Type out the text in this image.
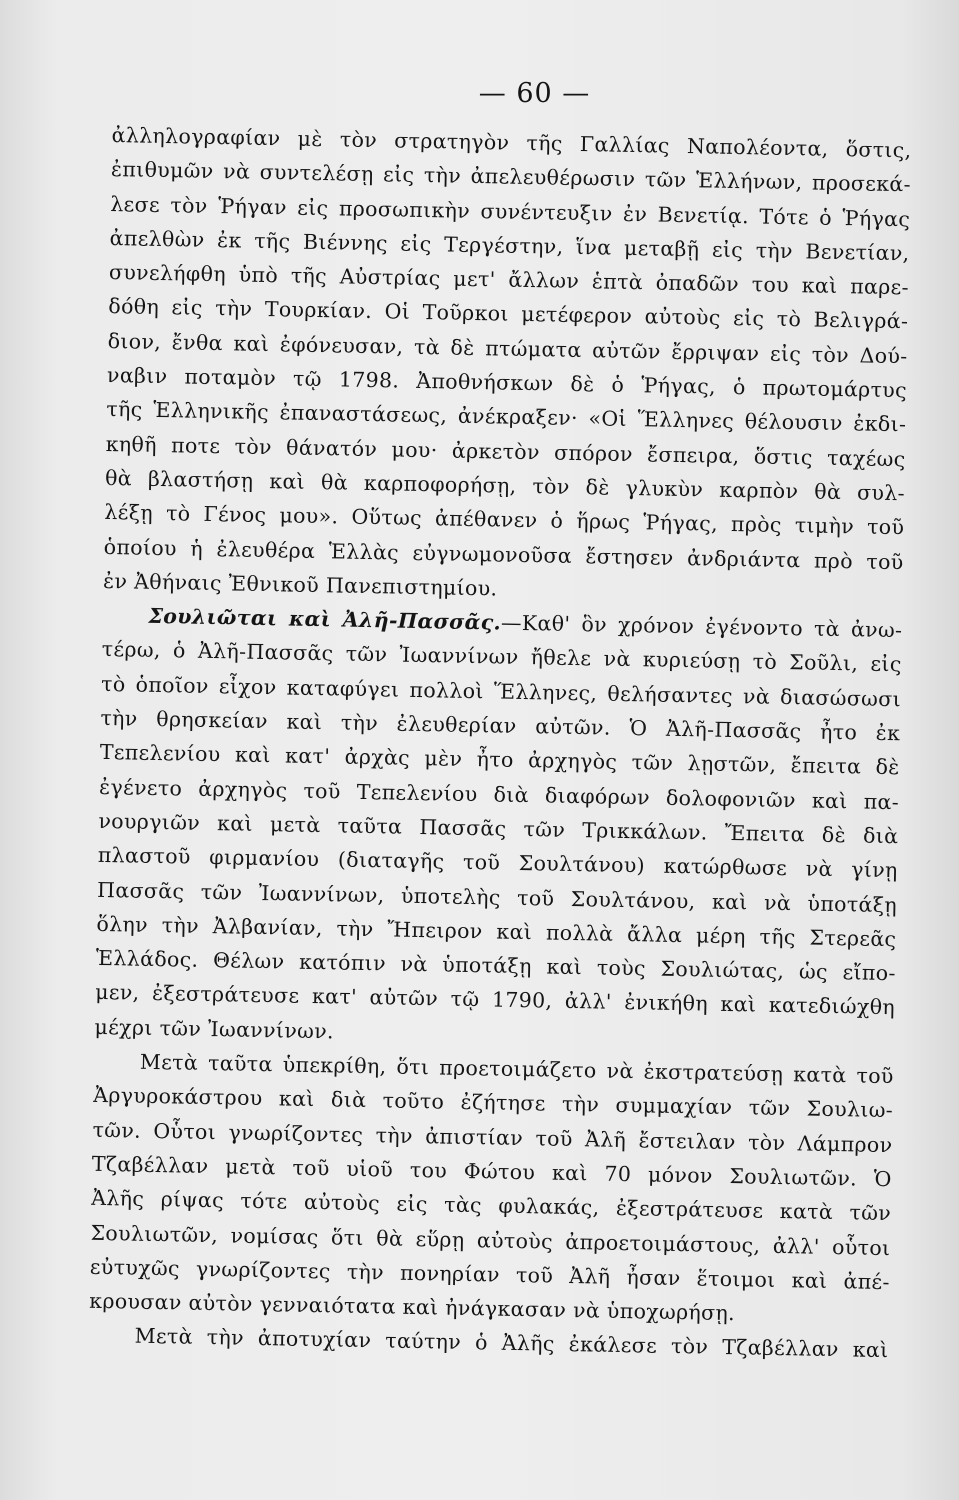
— 60 —
ἀλληλογραφίαν μὲ τὸν στρατηγὸν τῆς Γαλλίας Ναπολέοντα, ὅστις,
ἐπιθυμῶν νὰ συντελέσῃ εἰς τὴν ἀπελευθέρωσιν τῶν Ἑλλήνων, προσεκά-
λεσε τὸν Ῥήγαν εἰς προσωπικὴν συνέντευξιν ἐν Βενετίᾳ. Τότε ὁ Ῥήγας
ἀπελθὼν ἐκ τῆς Βιέννης εἰς Τεργέστην, ἵνα μεταβῇ εἰς τὴν Βενετίαν,
συνελήφθη ὑπὸ τῆς Αὐστρίας μετ' ἄλλων ἑπτὰ ὀπαδῶν του καὶ παρε-
δόθη εἰς τὴν Τουρκίαν. Οἱ Τοῦρκοι μετέφερον αὐτοὺς εἰς τὸ Βελιγρά-
διον, ἔνθα καὶ ἐφόνευσαν, τὰ δὲ πτώματα αὐτῶν ἔρριψαν εἰς τὸν Δού-
ναβιν ποταμὸν τῷ 1798. Ἀποθνήσκων δὲ ὁ Ῥήγας, ὁ πρωτομάρτυς
τῆς Ἑλληνικῆς ἐπαναστάσεως, ἀνέκραξεν· «Οἱ Ἕλληνες θέλουσιν ἐκδι-
κηθῆ ποτε τὸν θάνατόν μου· ἀρκετὸν σπόρον ἔσπειρα, ὅστις ταχέως
θὰ βλαστήσῃ καὶ θὰ καρποφορήσῃ, τὸν δὲ γλυκὺν καρπὸν θὰ συλ-
λέξῃ τὸ Γένος μου». Οὕτως ἀπέθανεν ὁ ἥρως Ῥήγας, πρὸς τιμὴν τοῦ
ὁποίου ἡ ἐλευθέρα Ἑλλὰς εὐγνωμονοῦσα ἔστησεν ἀνδριάντα πρὸ τοῦ
ἐν Ἀθήναις Ἐθνικοῦ Πανεπιστημίου.
Σουλιῶται καὶ Ἀλῆ-Πασσᾶς.—Καθ' ὃν χρόνον ἐγένοντο τὰ ἀνω-
τέρω, ὁ Ἀλῆ-Πασσᾶς τῶν Ἰωαννίνων ἤθελε νὰ κυριεύσῃ τὸ Σοῦλι, εἰς
τὸ ὁποῖον εἶχον καταφύγει πολλοὶ Ἕλληνες, θελήσαντες νὰ διασώσωσι
τὴν θρησκείαν καὶ τὴν ἐλευθερίαν αὐτῶν. Ὁ Ἀλῆ-Πασσᾶς ἦτο ἐκ
Τεπελενίου καὶ κατ' ἀρχὰς μὲν ἦτο ἀρχηγὸς τῶν λῃστῶν, ἔπειτα δὲ
ἐγένετο ἀρχηγὸς τοῦ Τεπελενίου διὰ διαφόρων δολοφονιῶν καὶ πα-
νουργιῶν καὶ μετὰ ταῦτα Πασσᾶς τῶν Τρικκάλων. Ἔπειτα δὲ διὰ
πλαστοῦ φιρμανίου (διαταγῆς τοῦ Σουλτάνου) κατώρθωσε νὰ γίνῃ
Πασσᾶς τῶν Ἰωαννίνων, ὑποτελὴς τοῦ Σουλτάνου, καὶ νὰ ὑποτάξῃ
ὅλην τὴν Ἀλβανίαν, τὴν Ἤπειρον καὶ πολλὰ ἄλλα μέρη τῆς Στερεᾶς
Ἑλλάδος. Θέλων κατόπιν νὰ ὑποτάξῃ καὶ τοὺς Σουλιώτας, ὡς εἴπο-
μεν, ἐξεστράτευσε κατ' αὐτῶν τῷ 1790, ἀλλ' ἐνικήθη καὶ κατεδιώχθη
μέχρι τῶν Ἰωαννίνων.
Μετὰ ταῦτα ὑπεκρίθη, ὅτι προετοιμάζετο νὰ ἐκστρατεύσῃ κατὰ τοῦ
Ἀργυροκάστρου καὶ διὰ τοῦτο ἐζήτησε τὴν συμμαχίαν τῶν Σουλιω-
τῶν. Οὗτοι γνωρίζοντες τὴν ἀπιστίαν τοῦ Ἀλῆ ἔστειλαν τὸν Λάμπρον
Τζαβέλλαν μετὰ τοῦ υἱοῦ του Φώτου καὶ 70 μόνον Σουλιωτῶν. Ὁ
Ἀλῆς ρίψας τότε αὐτοὺς εἰς τὰς φυλακάς, ἐξεστράτευσε κατὰ τῶν
Σουλιωτῶν, νομίσας ὅτι θὰ εὕρῃ αὐτοὺς ἀπροετοιμάστους, ἀλλ' οὗτοι
εὐτυχῶς γνωρίζοντες τὴν πονηρίαν τοῦ Ἀλῆ ἦσαν ἕτοιμοι καὶ ἀπέ-
κρουσαν αὐτὸν γενναιότατα καὶ ἠνάγκασαν νὰ ὑποχωρήσῃ.
Μετὰ τὴν ἀποτυχίαν ταύτην ὁ Ἀλῆς ἐκάλεσε τὸν Τζαβέλλαν καὶ
